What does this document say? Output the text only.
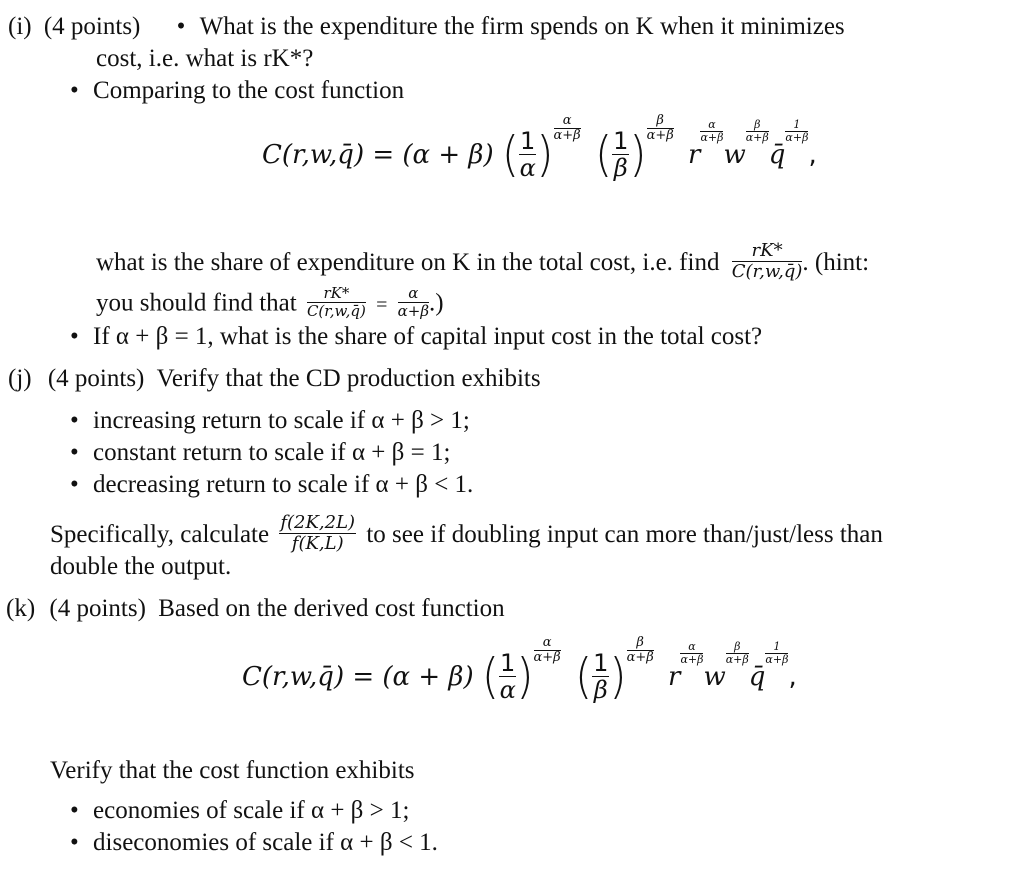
(i) (4 points) • What is the expenditure the firm spends on K when it minimizes
cost, i.e. what is rK*?
• Comparing to the cost function
C(r,w,q̄) = (α + β) ( $\frac{1}{\alpha}$ ) $\frac{\alpha}{\alpha+\beta}$ ( $\frac{1}{\beta}$ ) $\frac{\beta}{\alpha+\beta}$
r
$\frac{\alpha}{\alpha+\beta}$
w
$\frac{\beta}{\alpha+\beta}$
q̄
$\frac{1}{\alpha+\beta}$
,
what is the share of expenditure on K in the total cost, i.e. find $\frac{rK*}{C(r,w,q̄)}$ . (hint:
you should find that $\frac{rK*}{C(r,w,q̄)} = \frac{\alpha}{\alpha+\beta}$ .)
• If α + β = 1, what is the share of capital input cost in the total cost?
(j) (4 points) Verify that the CD production exhibits
• increasing return to scale if α + β > 1;
• constant return to scale if α + β = 1;
• decreasing return to scale if α + β < 1.
Specifically, calculate $\frac{f(2K,2L)}{f(K,L)}$ to see if doubling input can more than/just/less than
double the output.
(k) (4 points) Based on the derived cost function
C(r,w,q̄) = (α + β) ( $\frac{1}{\alpha}$ ) $\frac{\alpha}{\alpha+\beta}$ ( $\frac{1}{\beta}$ ) $\frac{\beta}{\alpha+\beta}$
r
$\frac{\alpha}{\alpha+\beta}$
w
$\frac{\beta}{\alpha+\beta}$
q̄
$\frac{1}{\alpha+\beta}$
,
Verify that the cost function exhibits
• economies of scale if α + β > 1;
• diseconomies of scale if α + β < 1.
